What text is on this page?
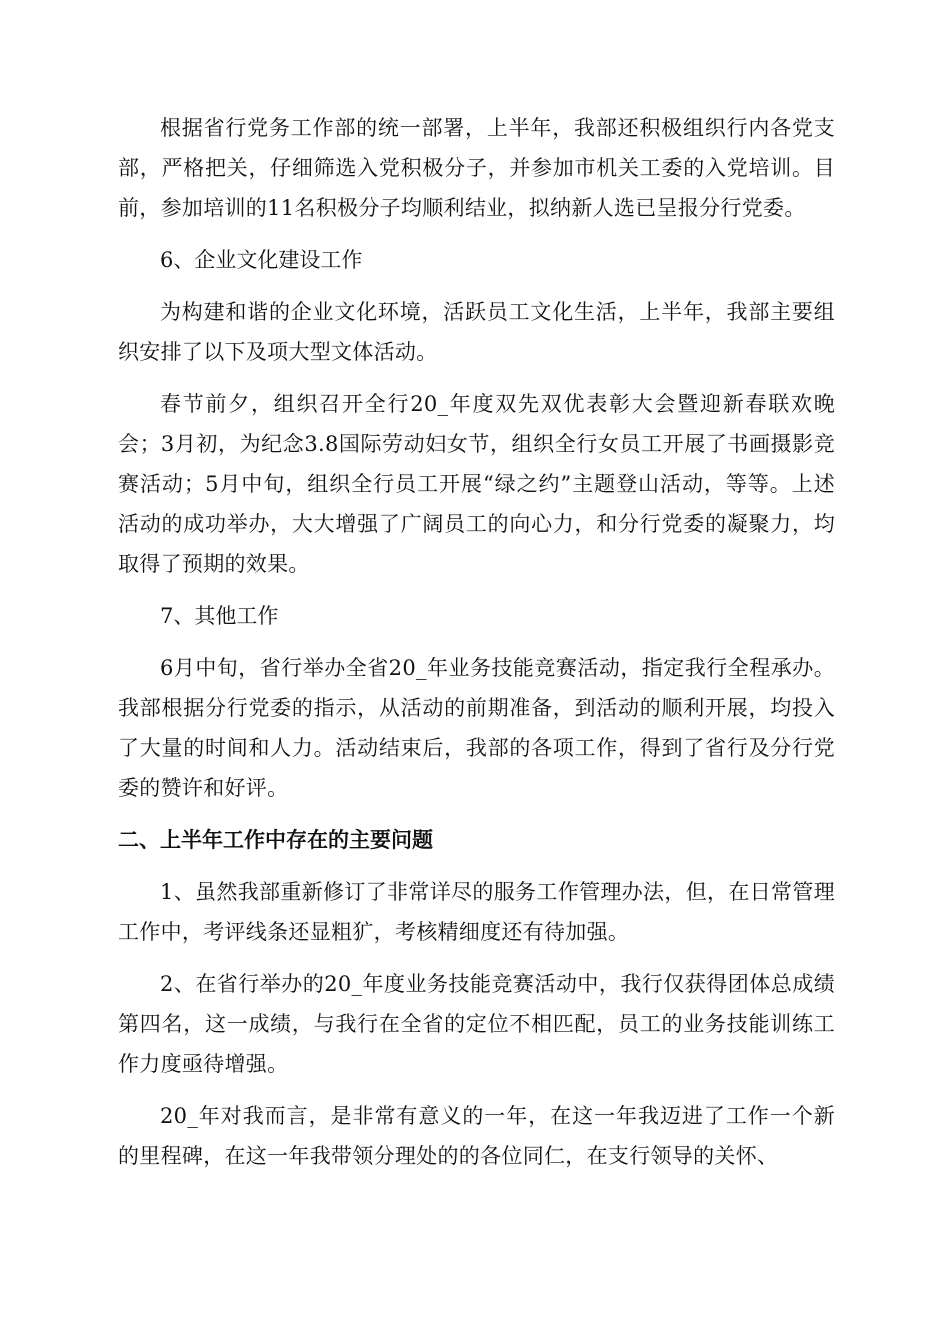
根据省行党务工作部的统一部署，上半年，我部还积极组织行内各党支部，严格把关，仔细筛选入党积极分子，并参加市机关工委的入党培训。目前，参加培训的11名积极分子均顺利结业，拟纳新人选已呈报分行党委。

6、企业文化建设工作

为构建和谐的企业文化环境，活跃员工文化生活，上半年，我部主要组织安排了以下及项大型文体活动。

春节前夕，组织召开全行20_年度双先双优表彰大会暨迎新春联欢晚会；3月初，为纪念3.8国际劳动妇女节，组织全行女员工开展了书画摄影竞赛活动；5月中旬，组织全行员工开展“绿之约”主题登山活动，等等。上述活动的成功举办，大大增强了广阔员工的向心力，和分行党委的凝聚力，均取得了预期的效果。

7、其他工作

6月中旬，省行举办全省20_年业务技能竞赛活动，指定我行全程承办。我部根据分行党委的指示，从活动的前期准备，到活动的顺利开展，均投入了大量的时间和人力。活动结束后，我部的各项工作，得到了省行及分行党委的赞许和好评。

二、上半年工作中存在的主要问题

1、虽然我部重新修订了非常详尽的服务工作管理办法，但，在日常管理工作中，考评线条还显粗犷，考核精细度还有待加强。

2、在省行举办的20_年度业务技能竞赛活动中，我行仅获得团体总成绩第四名，这一成绩，与我行在全省的定位不相匹配，员工的业务技能训练工作力度亟待增强。

20_年对我而言，是非常有意义的一年，在这一年我迈进了工作一个新的里程碑，在这一年我带领分理处的的各位同仁，在支行领导的关怀、
